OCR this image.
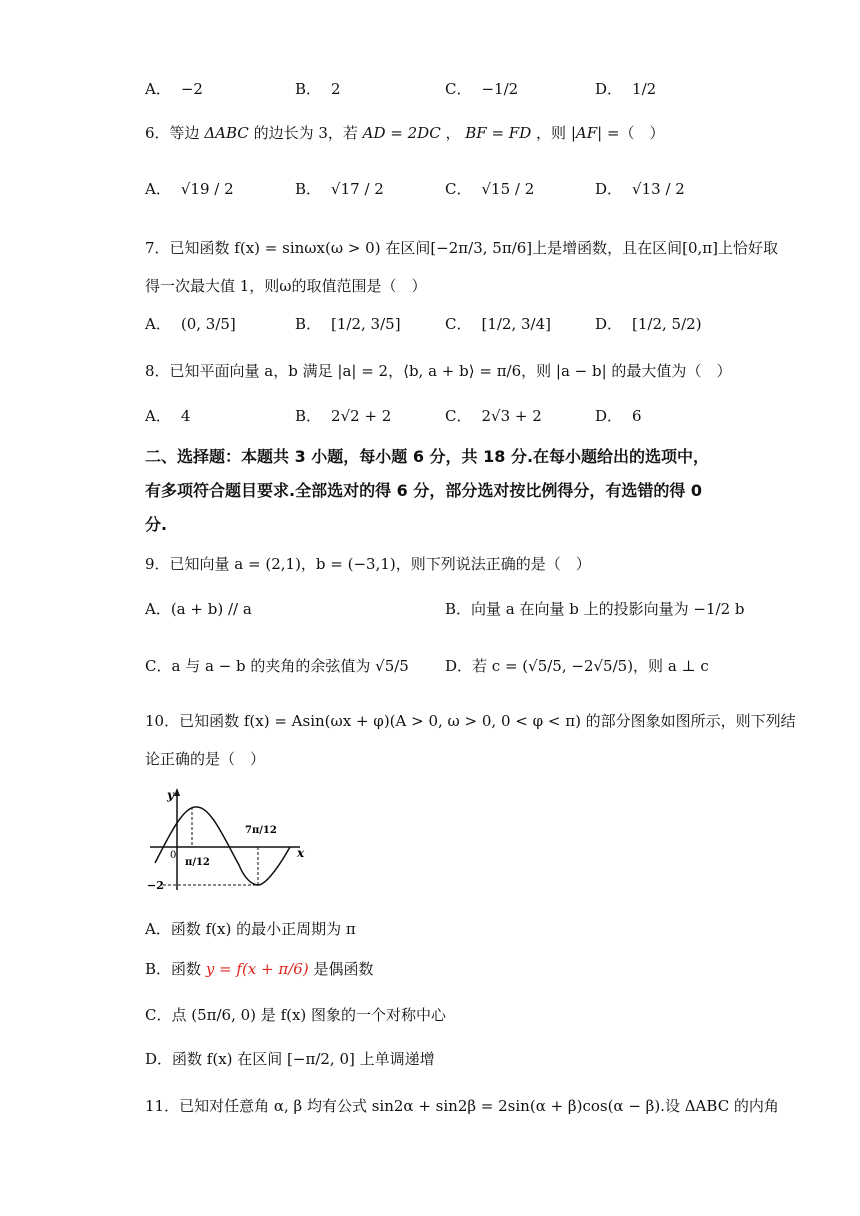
A． −2	B． 2	C． −1/2	D． 1/2
6．等边 ΔABC 的边长为 3，若 AD = 2DC ， BF = FD ，则 |AF| =（　）
A． √19 / 2	B． √17 / 2	C． √15 / 2	D． √13 / 2
7．已知函数 f(x) = sinωx(ω > 0) 在区间[−2π/3, 5π/6]上是增函数，且在区间[0,π]上恰好取
得一次最大值 1，则ω的取值范围是（　）
A． (0, 3/5]	B． [1/2, 3/5]	C． [1/2, 3/4]	D． [1/2, 5/2)
8．已知平面向量 a，b 满足 |a| = 2，⟨b, a + b⟩ = π/6，则 |a − b| 的最大值为（　）
A． 4	B． 2√2 + 2	C． 2√3 + 2	D． 6
二、选择题：本题共 3 小题，每小题 6 分，共 18 分.在每小题给出的选项中，有多项符合题目要求.全部选对的得 6 分，部分选对按比例得分，有选错的得 0 分.
9．已知向量 a = (2,1)，b = (−3,1)，则下列说法正确的是（　）
A．(a + b) // a	B．向量 a 在向量 b 上的投影向量为 −1/2 b
C．a 与 a − b 的夹角的余弦值为 √5/5 D．若 c = (√5/5, −2√5/5)，则 a ⊥ c
10．已知函数 f(x) = Asin(ωx + φ)(A > 0, ω > 0, 0 < φ < π) 的部分图象如图所示，则下列结
论正确的是（　）
y
x
0
π/12
7π/12
−2
A．函数 f(x) 的最小正周期为 π
B．函数 y = f(x + π/6) 是偶函数
C．点 (5π/6, 0) 是 f(x) 图象的一个对称中心
D．函数 f(x) 在区间 [−π/2, 0] 上单调递增
11．已知对任意角 α, β 均有公式 sin2α + sin2β = 2sin(α + β)cos(α − β).设 ΔABC 的内角
